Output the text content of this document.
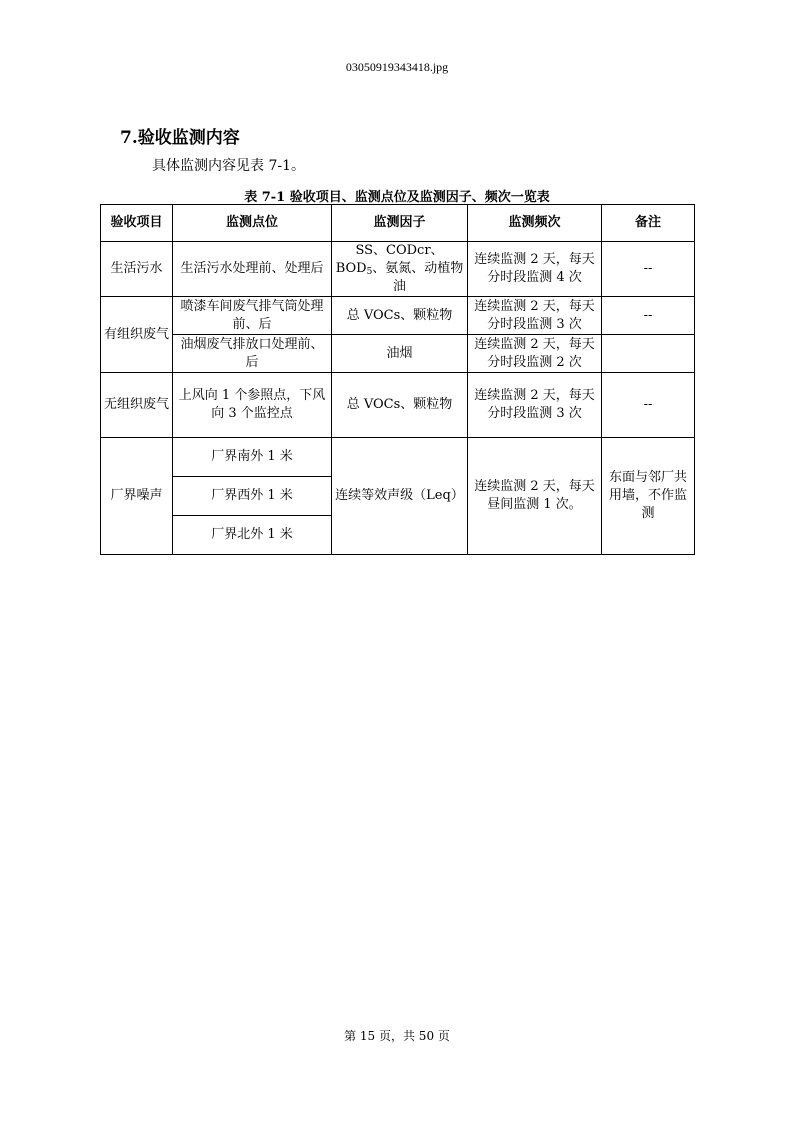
03050919343418.jpg
7.验收监测内容
具体监测内容见表 7-1。
表 7-1 验收项目、监测点位及监测因子、频次一览表
验收项目	监测点位	监测因子	监测频次	备注
生活污水	生活污水处理前、处理后	SS、CODcr、$BOD_5$、氨氮、动植物油	连续监测 2 天，每天分时段监测 4 次	--
有组织废气	喷漆车间废气排气筒处理前、后	总 VOCs、颗粒物	连续监测 2 天，每天分时段监测 3 次	--
	油烟废气排放口处理前、后	油烟	连续监测 2 天，每天分时段监测 2 次	
无组织废气	上风向 1 个参照点，下风向 3 个监控点	总 VOCs、颗粒物	连续监测 2 天，每天分时段监测 3 次	--
厂界噪声	厂界南外 1 米	连续等效声级（Leq）	连续监测 2 天，每天昼间监测 1 次。	东面与邻厂共用墙，不作监测
	厂界西外 1 米			
	厂界北外 1 米			
第 15 页，共 50 页
